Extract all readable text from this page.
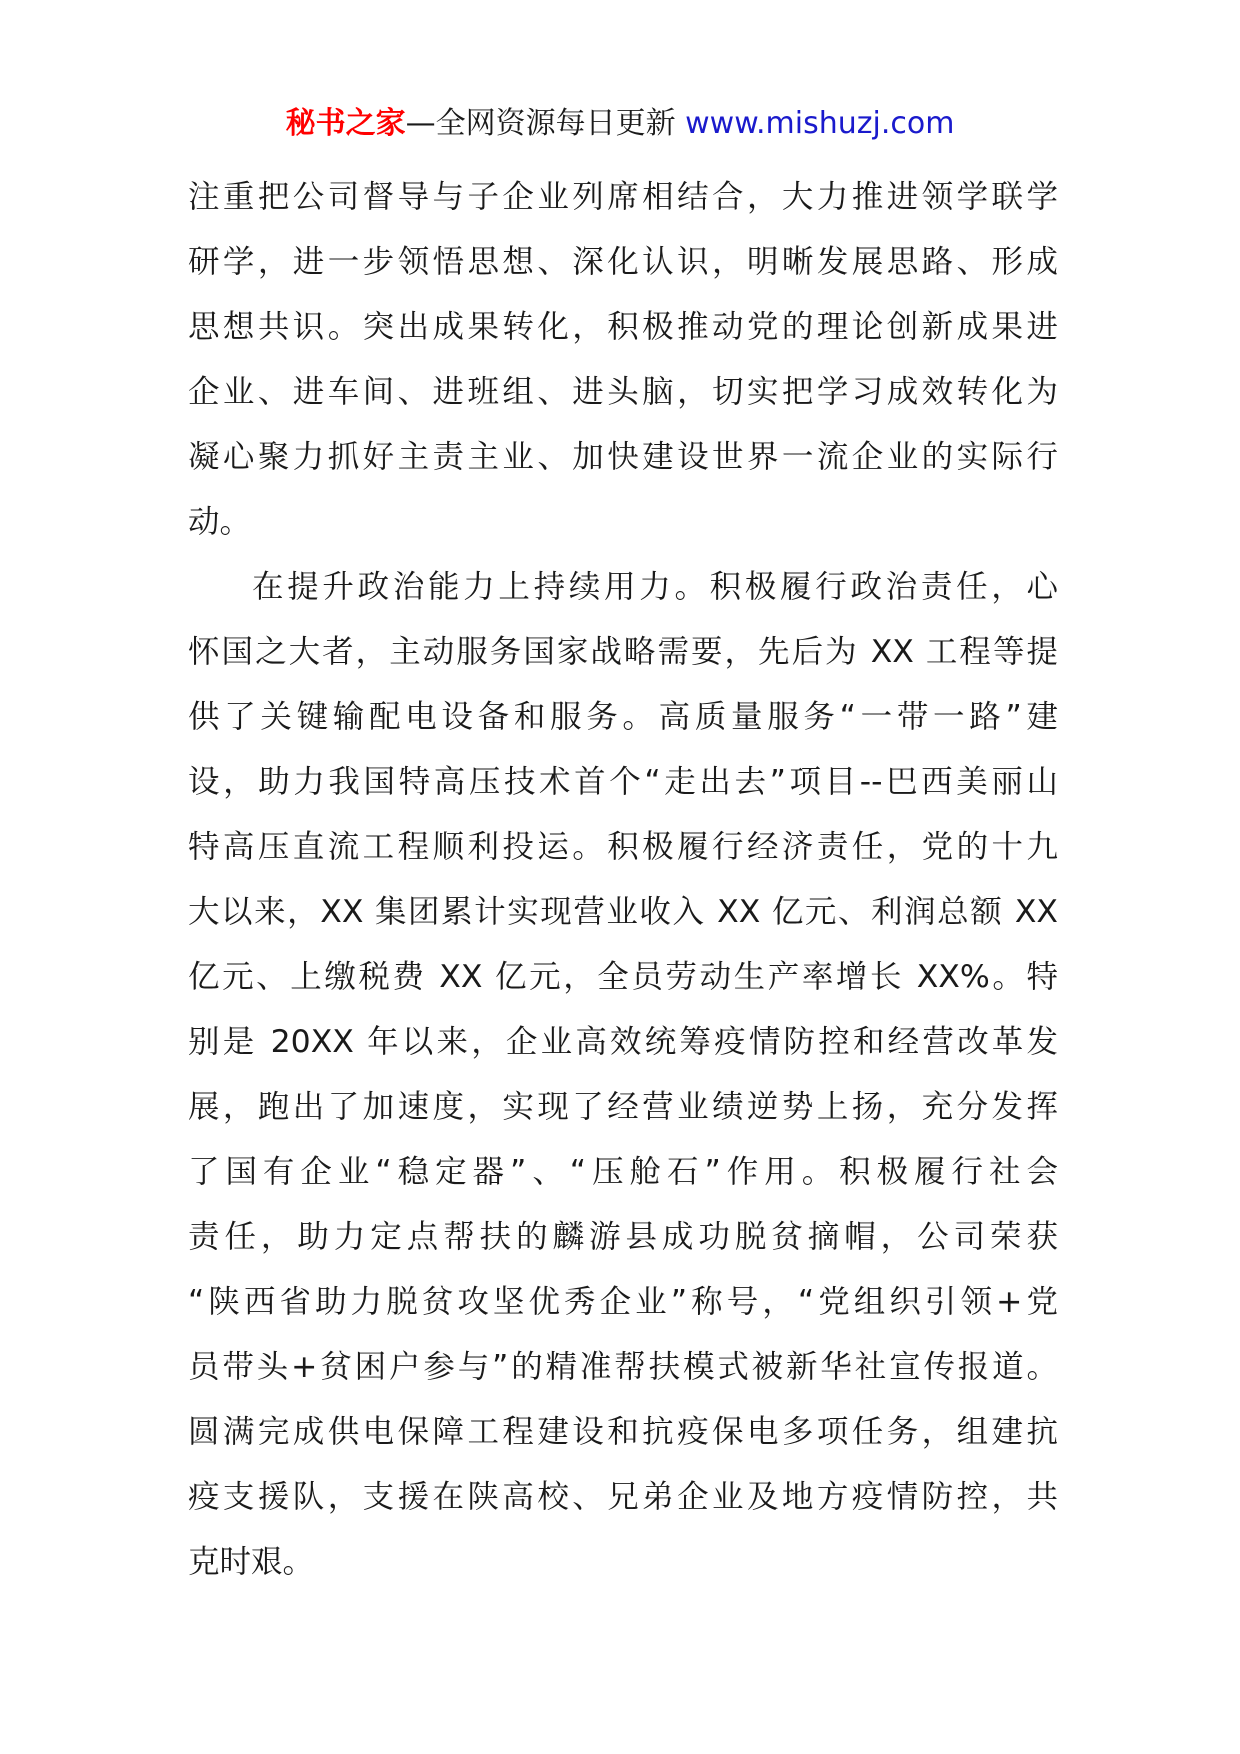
秘书之家—全网资源每日更新 www.mishuzj.com
注重把公司督导与子企业列席相结合，大力推进领学联学
研学，进一步领悟思想、深化认识，明晰发展思路、形成
思想共识。突出成果转化，积极推动党的理论创新成果进
企业、进车间、进班组、进头脑，切实把学习成效转化为
凝心聚力抓好主责主业、加快建设世界一流企业的实际行
动。
在提升政治能力上持续用力。积极履行政治责任，心
怀国之大者，主动服务国家战略需要，先后为 XX 工程等提
供了关键输配电设备和服务。高质量服务“一带一路”建
设，助力我国特高压技术首个“走出去”项目--巴西美丽山
特高压直流工程顺利投运。积极履行经济责任，党的十九
大以来，XX 集团累计实现营业收入 XX 亿元、利润总额 XX
亿元、上缴税费 XX 亿元，全员劳动生产率增长 XX%。特
别是 20XX 年以来，企业高效统筹疫情防控和经营改革发
展，跑出了加速度，实现了经营业绩逆势上扬，充分发挥
了国有企业“稳定器”、“压舱石”作用。积极履行社会
责任，助力定点帮扶的麟游县成功脱贫摘帽，公司荣获
“陕西省助力脱贫攻坚优秀企业”称号，“党组织引领+党
员带头+贫困户参与”的精准帮扶模式被新华社宣传报道。
圆满完成供电保障工程建设和抗疫保电多项任务，组建抗
疫支援队，支援在陕高校、兄弟企业及地方疫情防控，共
克时艰。
